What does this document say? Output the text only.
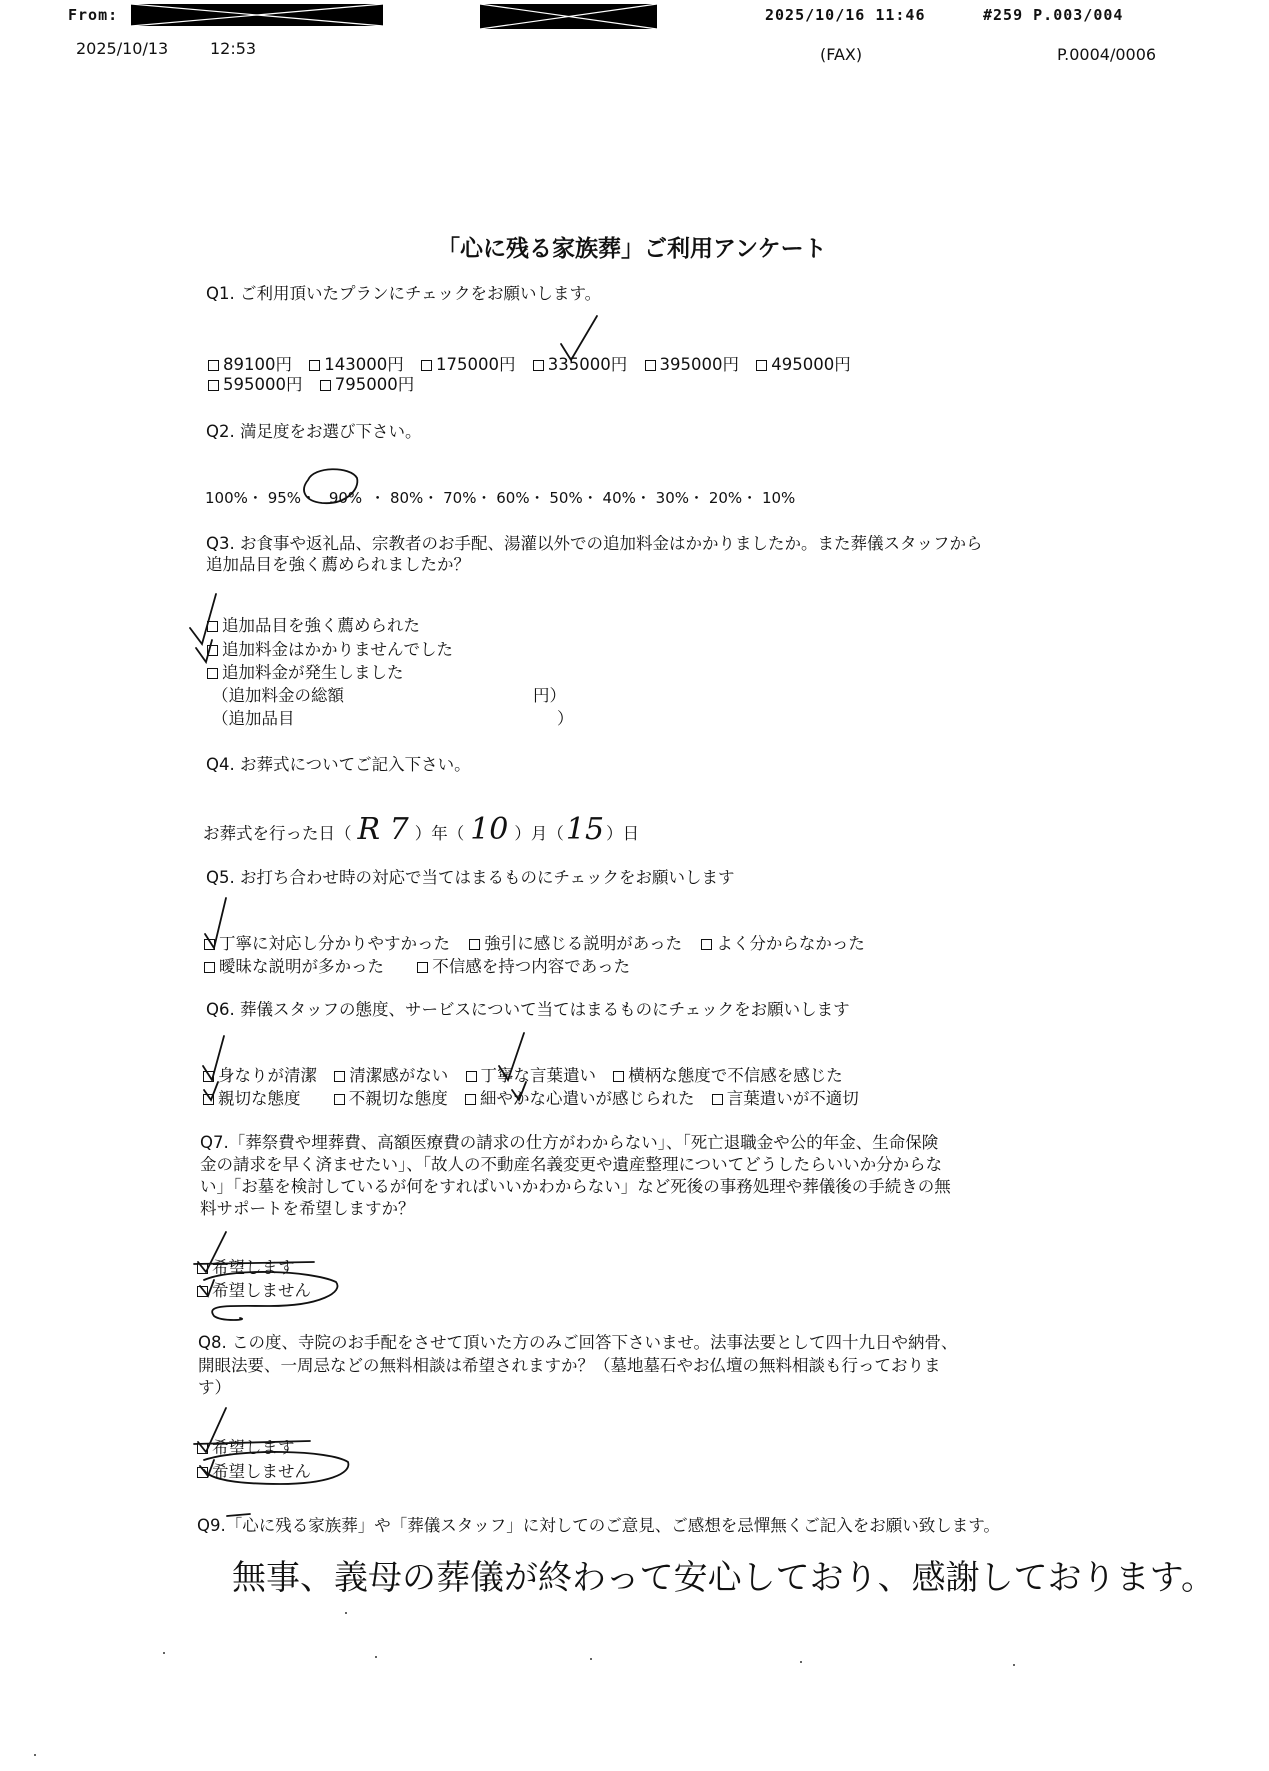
From:	2025/10/16 11:46	#259 P.003/004
2025/10/13	12:53	(FAX)	P.0004/0006
「心に残る家族葬」ご利用アンケート
Q1. ご利用頂いたプランにチェックをお願いします。
89100円 143000円 175000円 335000円 395000円 495000円
595000円 795000円
Q2. 満足度をお選び下さい。
100%・ 95%・ 90% ・ 80%・ 70%・ 60%・ 50%・ 40%・ 30%・ 20%・ 10%
Q3. お食事や返礼品、宗教者のお手配、湯灌以外での追加料金はかかりましたか。また葬儀スタッフから
追加品目を強く薦められましたか？
追加品目を強く薦められた
追加料金はかかりませんでした
追加料金が発生しました
（追加料金の総額	円）
（追加品目	）
Q4. お葬式についてご記入下さい。
お葬式を行った日（ R 7 ）年（ 10 ）月（15 ）日
Q5. お打ち合わせ時の対応で当てはまるものにチェックをお願いします
丁寧に対応し分かりやすかった 強引に感じる説明があった よく分からなかった
曖昧な説明が多かった	不信感を持つ内容であった
Q6. 葬儀スタッフの態度、サービスについて当てはまるものにチェックをお願いします
身なりが清潔 清潔感がない 丁寧な言葉遣い 横柄な態度で不信感を感じた
親切な態度	不親切な態度 細やかな心遣いが感じられた 言葉遣いが不適切
Q7.「葬祭費や埋葬費、高額医療費の請求の仕方がわからない」、「死亡退職金や公的年金、生命保険
金の請求を早く済ませたい」、「故人の不動産名義変更や遺産整理についてどうしたらいいか分からな
い」「お墓を検討しているが何をすればいいかわからない」など死後の事務処理や葬儀後の手続きの無
料サポートを希望しますか？
希望します
希望しません
Q8. この度、寺院のお手配をさせて頂いた方のみご回答下さいませ。法事法要として四十九日や納骨、
開眼法要、一周忌などの無料相談は希望されますか？（墓地墓石やお仏壇の無料相談も行っておりま
す）
希望します
希望しません
Q9.「心に残る家族葬」や「葬儀スタッフ」に対してのご意見、ご感想を忌憚無くご記入をお願い致します。
無事、義母の葬儀が終わって安心しており、感謝しております。
